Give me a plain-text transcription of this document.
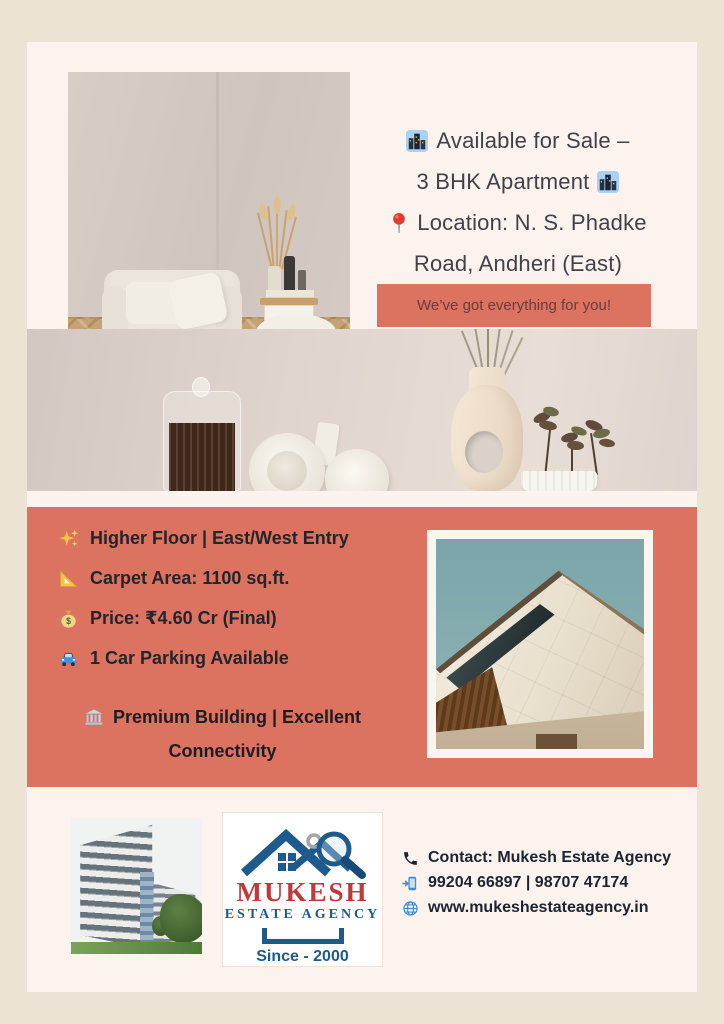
Available for Sale –
3 BHK Apartment
Location: N. S. Phadke
Road, Andheri (East)
We’ve got everything for you!
Higher Floor | East/West Entry
Carpet Area: 1100 sq.ft.
$ Price: ₹4.60 Cr (Final)
1 Car Parking Available
Premium Building | Excellent
Connectivity
MUKESH
ESTATE AGENCY
Since - 2000
Contact: Mukesh Estate Agency
99204 66897 | 98707 47174
www.mukeshestateagency.in
